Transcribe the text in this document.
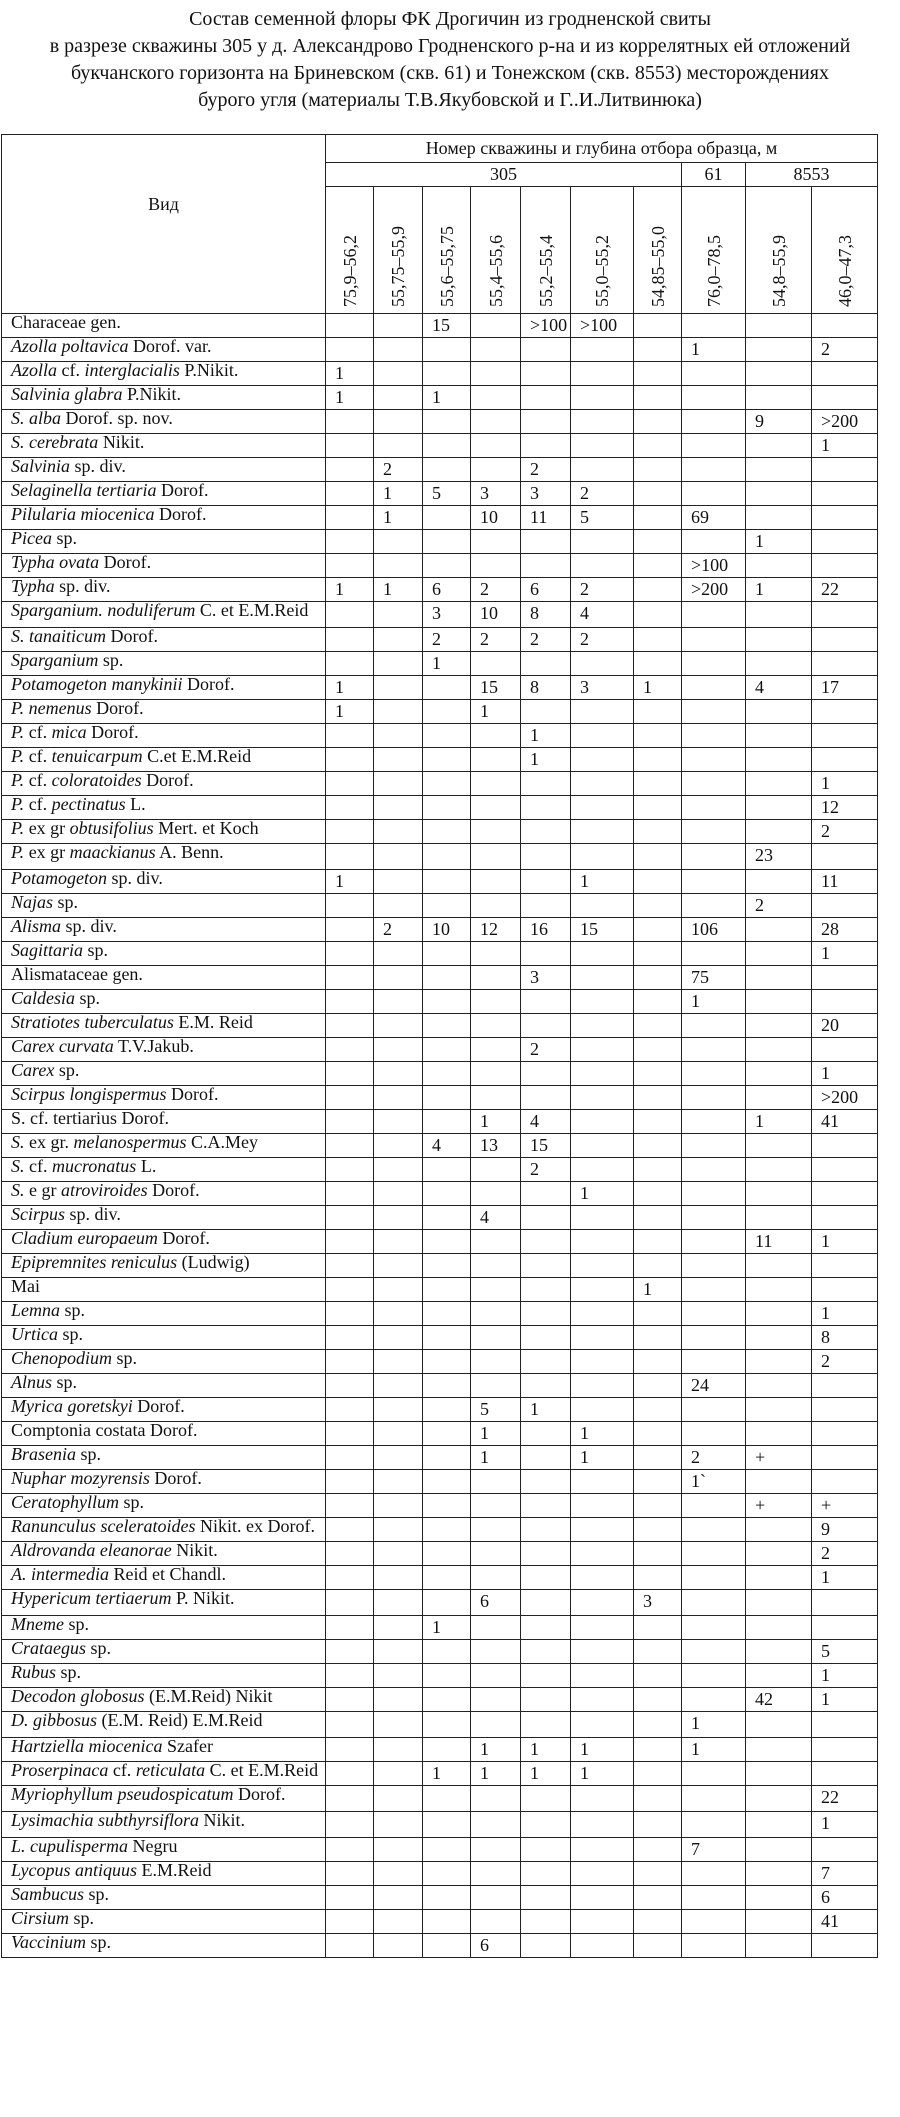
Состав семенной флоры ФК Дрогичин из гродненской свиты
в разрезе скважины 305 у д. Александрово Гродненского р-на и из коррелятных ей отложений
букчанского горизонта на Бриневском (скв. 61) и Тонежском (скв. 8553) месторождениях
бурого угля (материалы Т.В.Якубовской и Г..И.Литвинюка)
Вид	Номер скважины и глубина отбора образца, м									
	305							61	8553	

	75,9–56,2	55,75–55,9	55,6–55,75	55,4–55,6	55,2–55,4	55,0–55,2	54,85–55,0	76,0–78,5	54,8–55,9	46,0–47,3

Characeae gen.			15		>100	>100				
Azolla poltavica Dorof. var.								1		2
Azolla cf. interglacialis P.Nikit.	1									
Salvinia glabra P.Nikit.	1		1							
S. alba Dorof. sp. nov.									9	>200
S. cerebrata Nikit.										1
Salvinia sp. div.		2			2					
Selaginella tertiaria Dorof.		1	5	3	3	2				
Pilularia miocenica Dorof.		1		10	11	5		69		
Picea sp.									1	
Typha ovata Dorof.								>100		
Typha sp. div.	1	1	6	2	6	2		>200	1	22
Sparganium. noduliferum C. et E.M.Reid			3	10	8	4				
S. tanaiticum Dorof.			2	2	2	2				
Sparganium sp.			1							
Potamogeton manykinii Dorof.	1			15	8	3	1		4	17
P. nemenus Dorof.	1			1						
P. cf. mica Dorof.					1					
P. cf. tenuicarpum C.et E.M.Reid					1					
P. cf. coloratoides Dorof.										1
P. cf. pectinatus L.										12
P. ex gr obtusifolius Mert. et Koch										2
P. ex gr maackianus A. Benn.									23	
Potamogeton sp. div.	1					1				11
Najas sp.									2	
Alisma sp. div.		2	10	12	16	15		106		28
Sagittaria sp.										1
Alismataceae gen.					3			75		
Caldesia sp.								1		
Stratiotes tuberculatus E.M. Reid										20
Carex curvata T.V.Jakub.					2					
Carex sp.										1
Scirpus longispermus Dorof.										>200
S. cf. tertiarius Dorof.				1	4				1	41
S. ex gr. melanospermus C.A.Mey			4	13	15					
S. cf. mucronatus L.					2					
S. e gr atroviroides Dorof.						1				
Scirpus sp. div.				4						
Cladium europaeum Dorof.									11	1
Epipremnites reniculus (Ludwig)										
Mai							1			
Lemna sp.										1
Urtica sp.										8
Chenopodium sp.										2
Alnus sp.								24		
Myrica goretskyi Dorof.				5	1					
Comptonia costata Dorof.				1		1				
Brasenia sp.				1		1		2	+	
Nuphar mozyrensis Dorof.								1`		
Ceratophyllum sp.									+	+
Ranunculus sceleratoides Nikit. ex Dorof.										9
Aldrovanda eleanorae Nikit.										2
A. intermedia Reid et Chandl.										1
Hypericum tertiaerum P. Nikit.				6			3			
Mneme sp.			1							
Crataegus sp.										5
Rubus sp.										1
Decodon globosus (E.M.Reid) Nikit									42	1
D. gibbosus (E.M. Reid) E.M.Reid								1		
Hartziella miocenica Szafer				1	1	1		1		
Proserpinaca cf. reticulata C. et E.M.Reid			1	1	1	1				
Myriophyllum pseudospicatum Dorof.										22
Lysimachia subthyrsiflora Nikit.										1
L. cupulisperma Negru								7		
Lycopus antiquus E.M.Reid										7
Sambucus sp.										6
Cirsium sp.										41
Vaccinium sp.				6						
